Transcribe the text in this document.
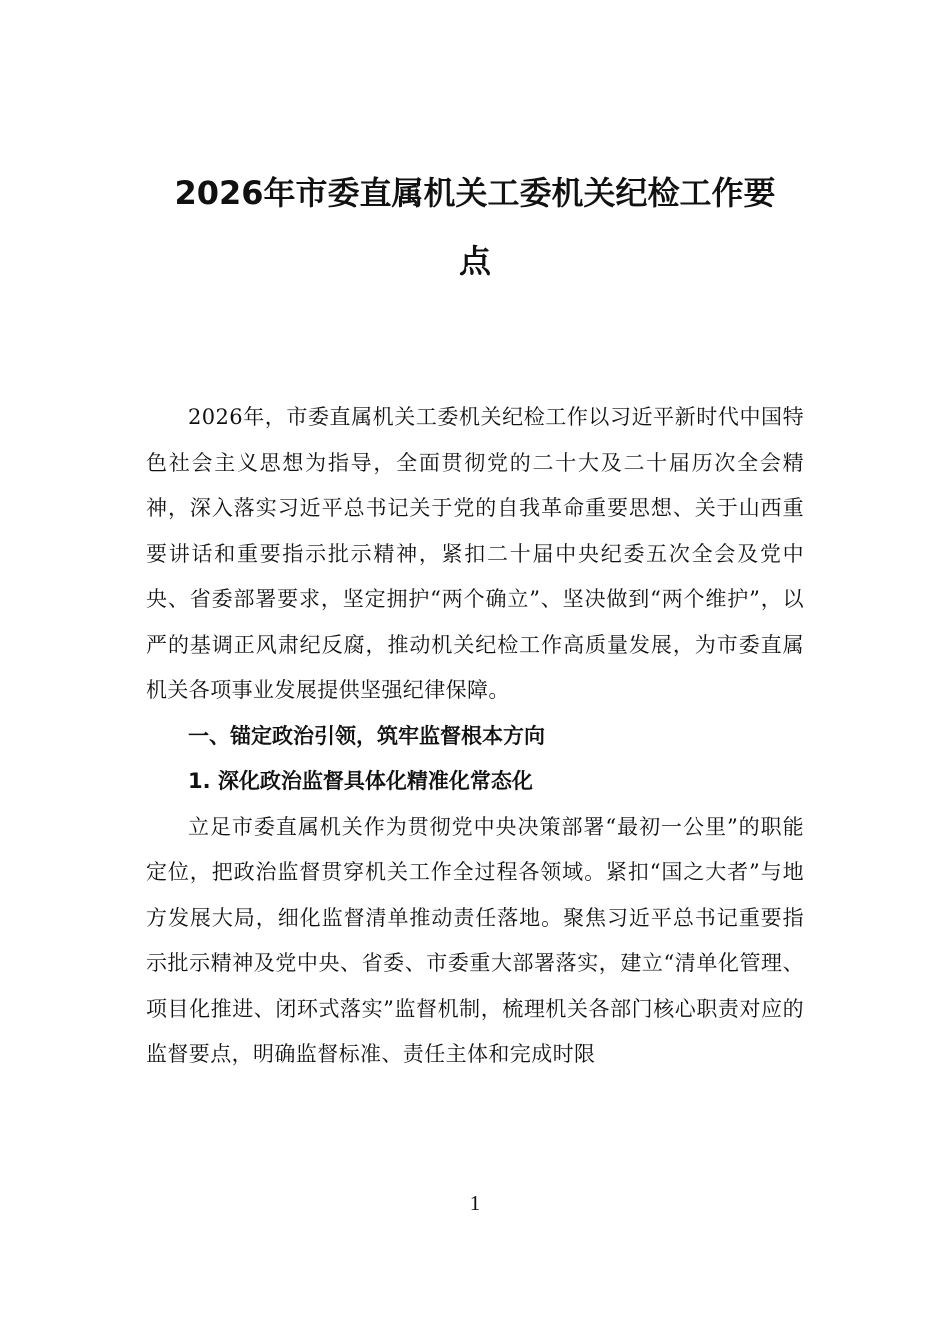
2026年市委直属机关工委机关纪检工作要
点

2026年，市委直属机关工委机关纪检工作以习近平新时代中国特色社会主义思想为指导，全面贯彻党的二十大及二十届历次全会精神，深入落实习近平总书记关于党的自我革命重要思想、关于山西重要讲话和重要指示批示精神，紧扣二十届中央纪委五次全会及党中央、省委部署要求，坚定拥护“两个确立”、坚决做到“两个维护”，以严的基调正风肃纪反腐，推动机关纪检工作高质量发展，为市委直属机关各项事业发展提供坚强纪律保障。

一、锚定政治引领，筑牢监督根本方向

1. 深化政治监督具体化精准化常态化

立足市委直属机关作为贯彻党中央决策部署“最初一公里”的职能定位，把政治监督贯穿机关工作全过程各领域。紧扣“国之大者”与地方发展大局，细化监督清单推动责任落地。聚焦习近平总书记重要指示批示精神及党中央、省委、市委重大部署落实，建立“清单化管理、项目化推进、闭环式落实”监督机制，梳理机关各部门核心职责对应的监督要点，明确监督标准、责任主体和完成时限

1
